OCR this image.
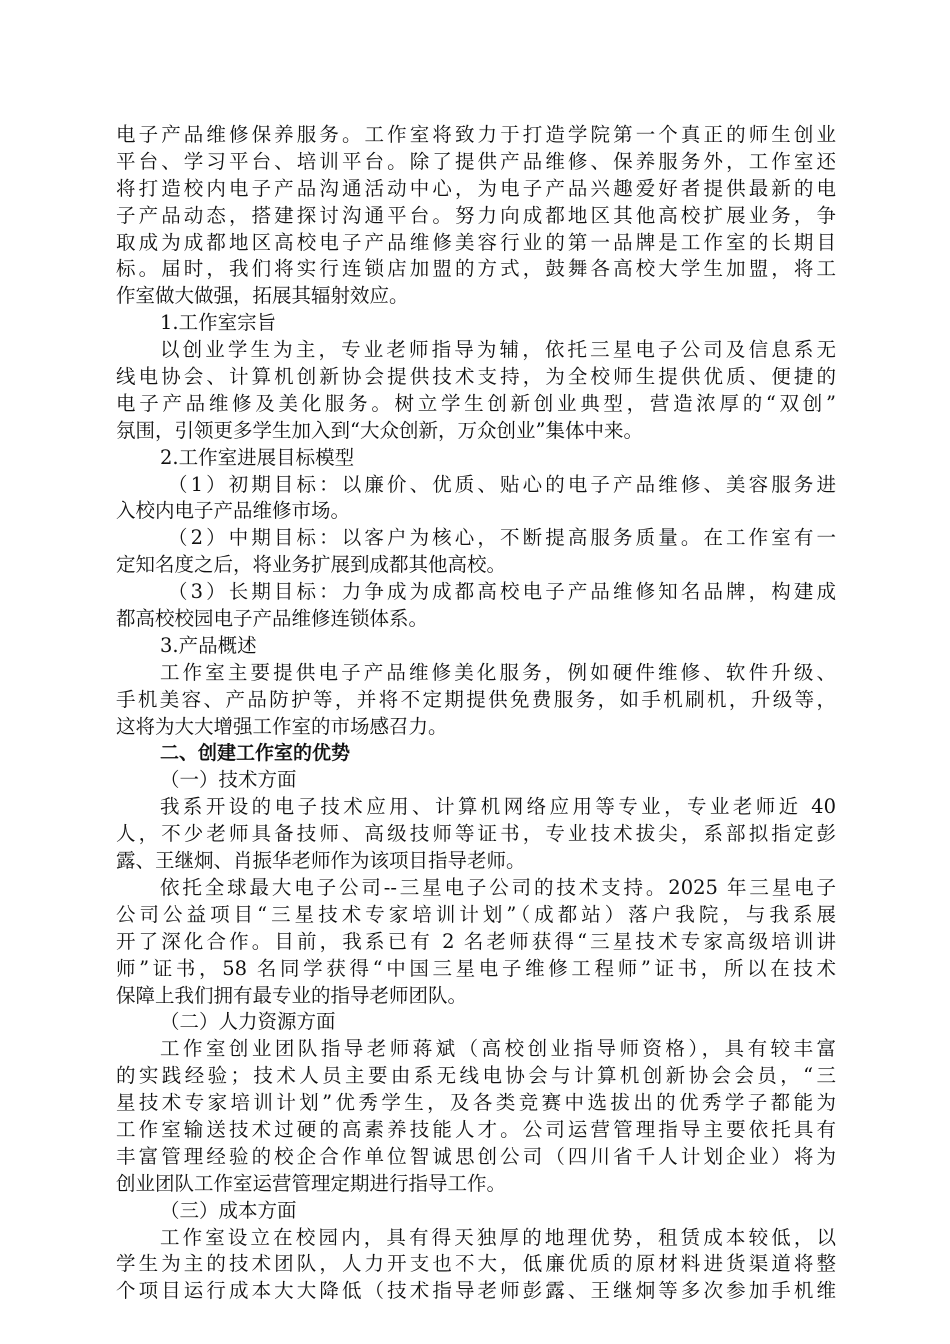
电子产品维修保养服务。工作室将致力于打造学院第一个真正的师生创业
平台、学习平台、培训平台。除了提供产品维修、保养服务外，工作室还
将打造校内电子产品沟通活动中心，为电子产品兴趣爱好者提供最新的电
子产品动态，搭建探讨沟通平台。努力向成都地区其他高校扩展业务，争
取成为成都地区高校电子产品维修美容行业的第一品牌是工作室的长期目
标。届时，我们将实行连锁店加盟的方式，鼓舞各高校大学生加盟，将工
作室做大做强，拓展其辐射效应。
1.工作室宗旨
以创业学生为主，专业老师指导为辅，依托三星电子公司及信息系无
线电协会、计算机创新协会提供技术支持，为全校师生提供优质、便捷的
电子产品维修及美化服务。树立学生创新创业典型，营造浓厚的“双创”
氛围，引领更多学生加入到“大众创新，万众创业”集体中来。
2.工作室进展目标模型
（1）初期目标：以廉价、优质、贴心的电子产品维修、美容服务进
入校内电子产品维修市场。
（2）中期目标：以客户为核心，不断提高服务质量。在工作室有一
定知名度之后，将业务扩展到成都其他高校。
（3）长期目标：力争成为成都高校电子产品维修知名品牌，构建成
都高校校园电子产品维修连锁体系。
3.产品概述
工作室主要提供电子产品维修美化服务，例如硬件维修、软件升级、
手机美容、产品防护等，并将不定期提供免费服务，如手机刷机，升级等，
这将为大大增强工作室的市场感召力。
二、创建工作室的优势
（一）技术方面
我系开设的电子技术应用、计算机网络应用等专业，专业老师近 40
人，不少老师具备技师、高级技师等证书，专业技术拔尖，系部拟指定彭
露、王继炯、肖振华老师作为该项目指导老师。
依托全球最大电子公司--三星电子公司的技术支持。2025 年三星电子
公司公益项目“三星技术专家培训计划”（成都站）落户我院，与我系展
开了深化合作。目前，我系已有 2 名老师获得“三星技术专家高级培训讲
师”证书，58 名同学获得“中国三星电子维修工程师”证书，所以在技术
保障上我们拥有最专业的指导老师团队。
（二）人力资源方面
工作室创业团队指导老师蒋斌（高校创业指导师资格），具有较丰富
的实践经验；技术人员主要由系无线电协会与计算机创新协会会员，“三
星技术专家培训计划”优秀学生，及各类竞赛中选拔出的优秀学子都能为
工作室输送技术过硬的高素养技能人才。公司运营管理指导主要依托具有
丰富管理经验的校企合作单位智诚思创公司（四川省千人计划企业）将为
创业团队工作室运营管理定期进行指导工作。
（三）成本方面
工作室设立在校园内，具有得天独厚的地理优势，租赁成本较低，以
学生为主的技术团队，人力开支也不大，低廉优质的原材料进货渠道将整
个项目运行成本大大降低（技术指导老师彭露、王继炯等多次参加手机维
